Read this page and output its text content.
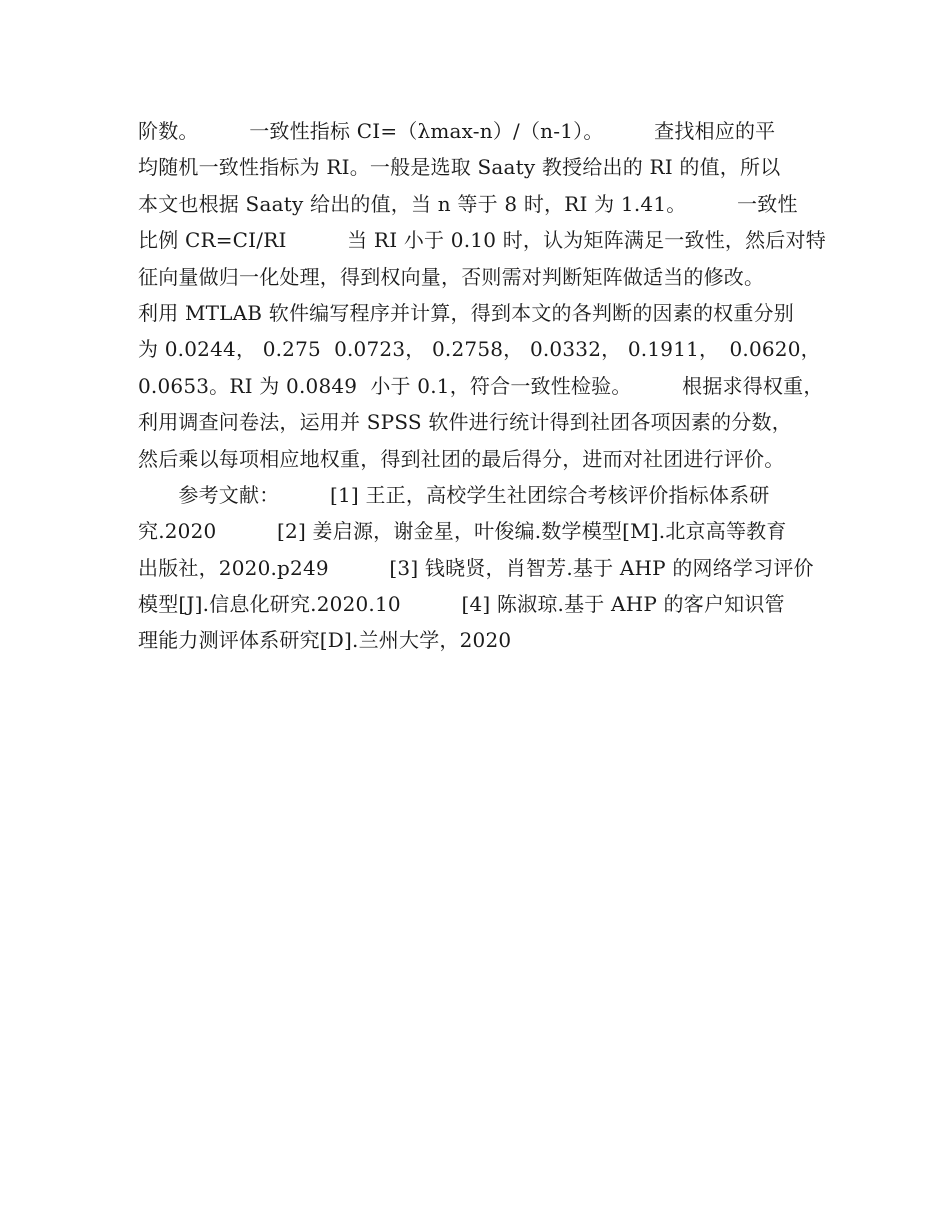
阶数。　　　一致性指标 CI=（λmax-n）/（n-1）。　　　查找相应的平
均随机一致性指标为 RI。一般是选取 Saaty 教授给出的 RI 的值，所以
本文也根据 Saaty 给出的值，当 n 等于 8 时，RI 为 1.41。　　　一致性
比例 CR=CI/RI　　　当 RI 小于 0.10 时，认为矩阵满足一致性，然后对特
征向量做归一化处理，得到权向量，否则需对判断矩阵做适当的修改。
利用 MTLAB 软件编写程序并计算，得到本文的各判断的因素的权重分别
为 0.0244， 0.275  0.0723， 0.2758， 0.0332， 0.1911，　0.0620，
0.0653。RI 为 0.0849  小于 0.1，符合一致性检验。　　　根据求得权重，
利用调查问卷法，运用并 SPSS 软件进行统计得到社团各项因素的分数，
然后乘以每项相应地权重，得到社团的最后得分，进而对社团进行评价。
　　参考文献：　　　[1] 王正，高校学生社团综合考核评价指标体系研
究.2020　　　[2] 姜启源，谢金星，叶俊编.数学模型[M].北京高等教育
出版社，2020.p249　　　[3] 钱晓贤，肖智芳.基于 AHP 的网络学习评价
模型[J].信息化研究.2020.10　　　[4] 陈淑琼.基于 AHP 的客户知识管
理能力测评体系研究[D].兰州大学，2020
